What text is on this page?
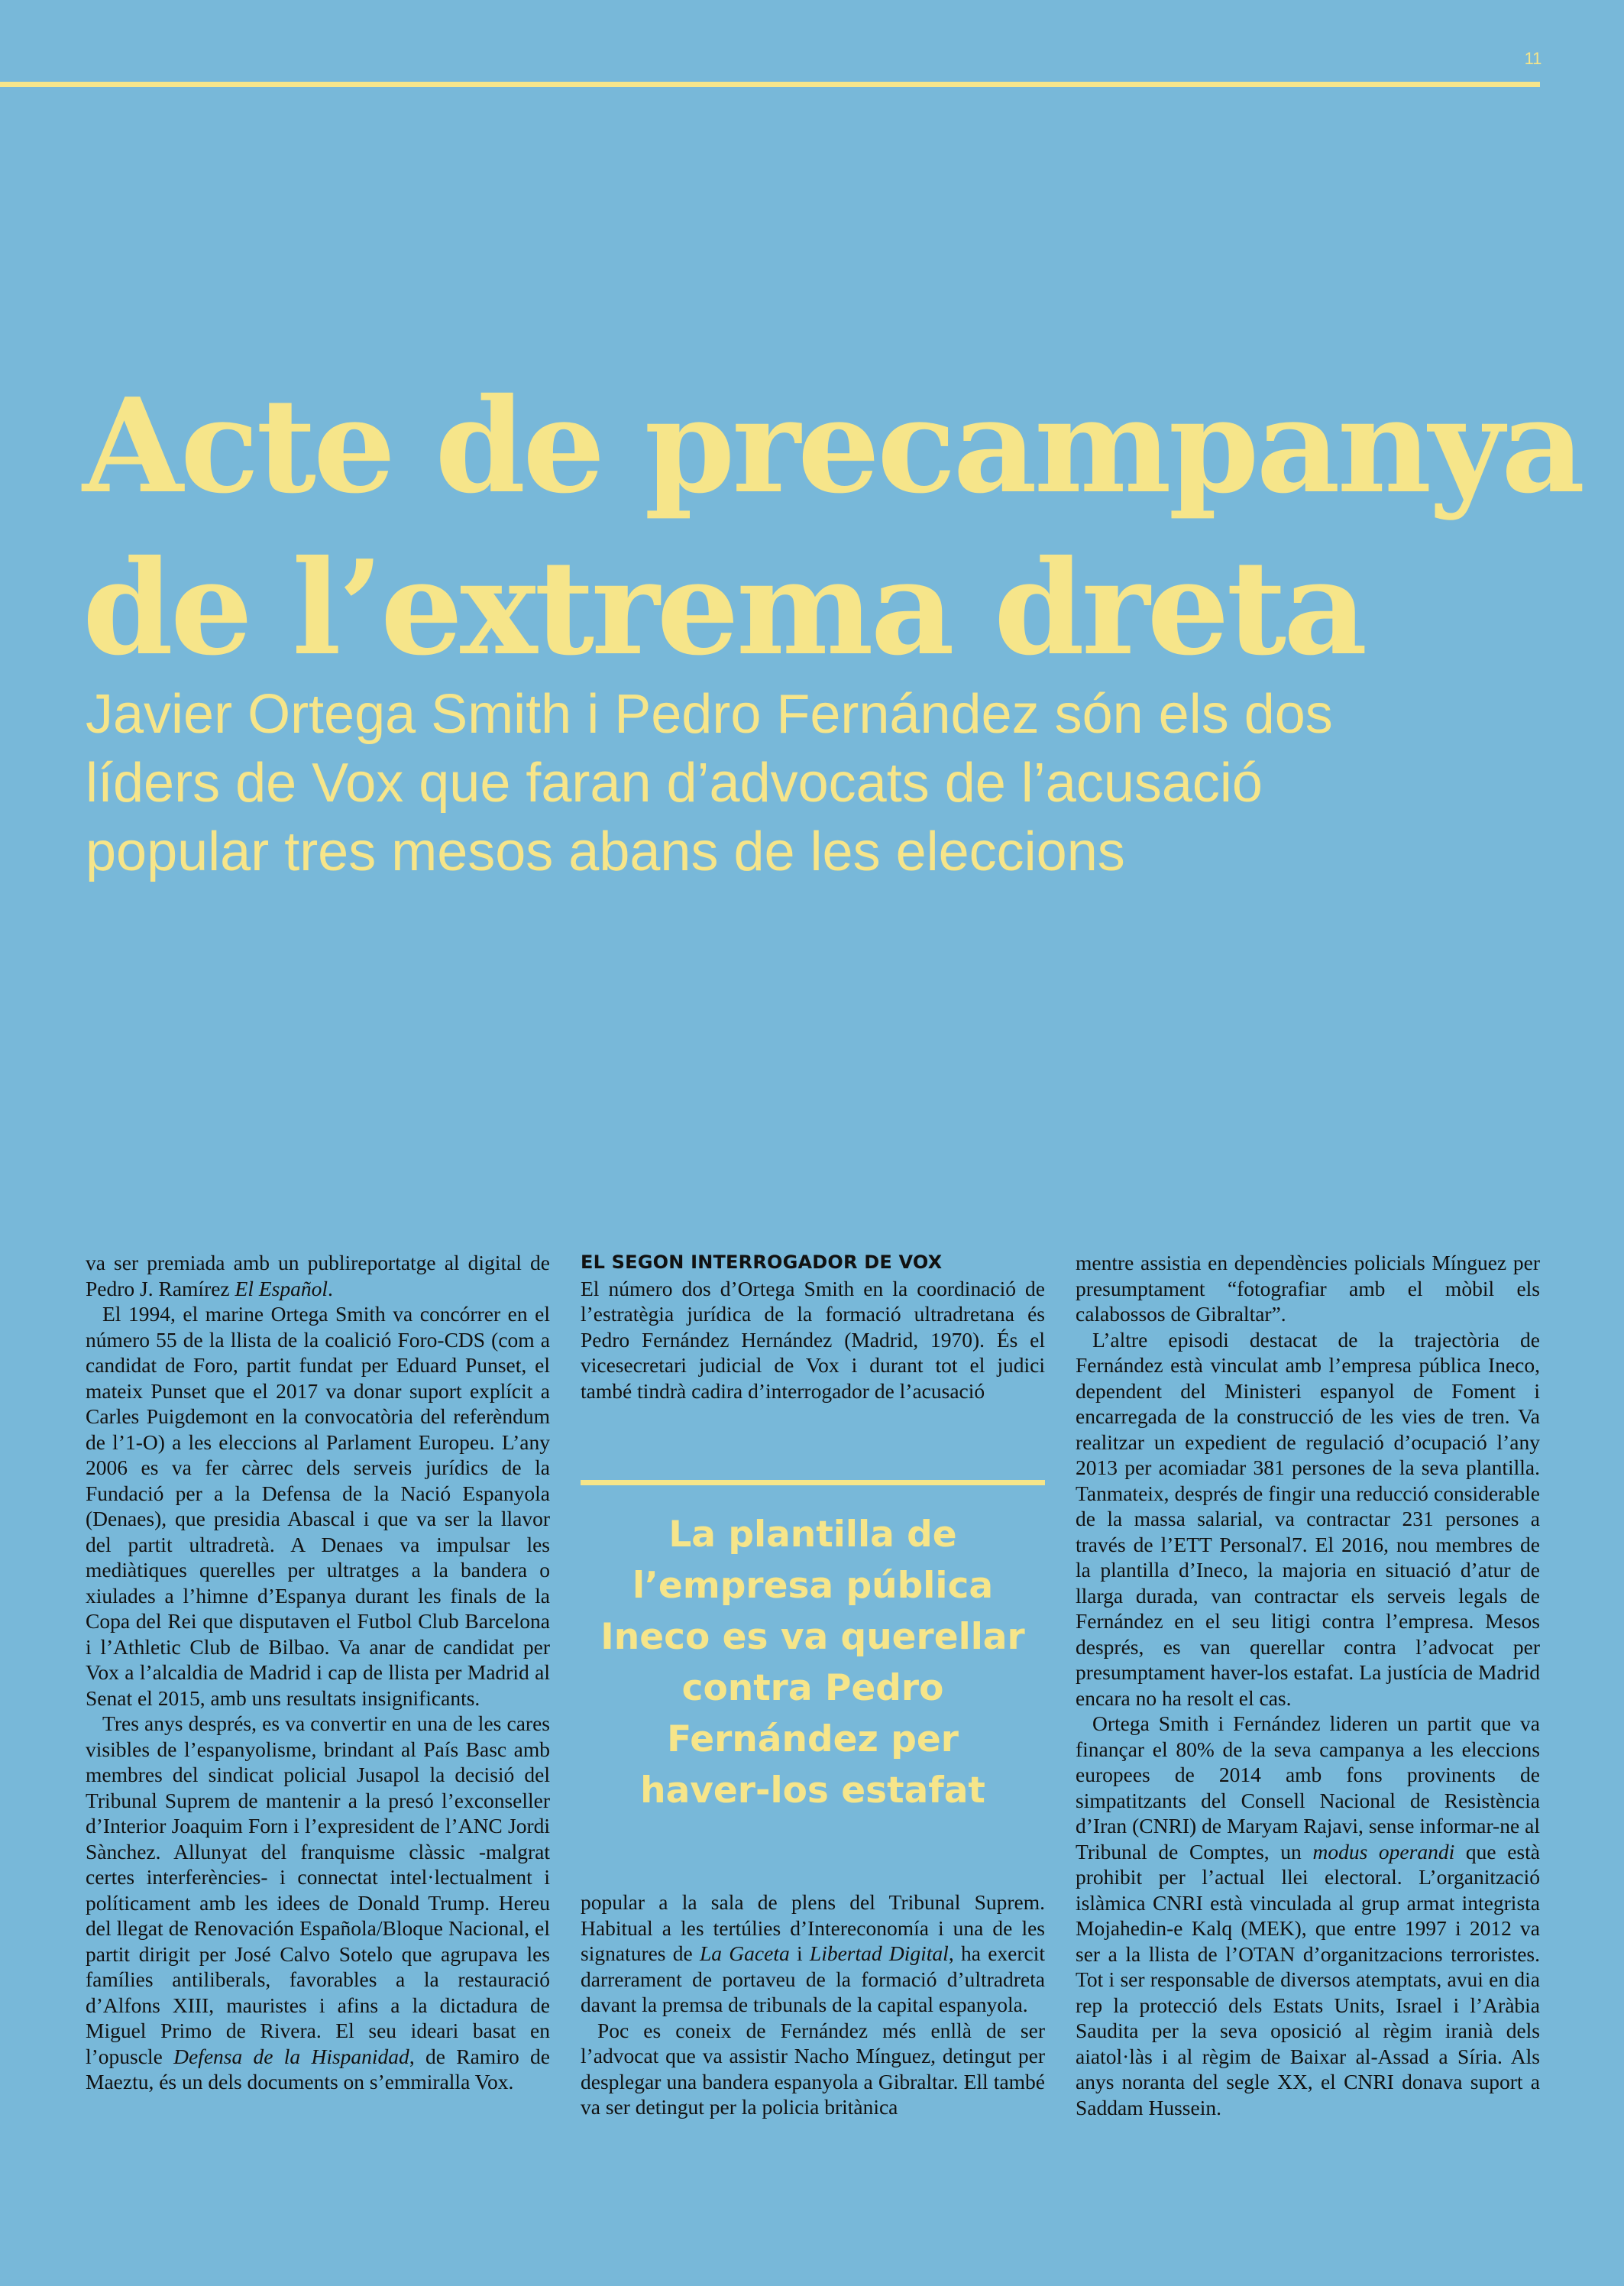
11
Acte de precampanya
de l’extrema dreta
Javier Ortega Smith i Pedro Fernández són els dos
líders de Vox que faran d’advocats de l’acusació
popular tres mesos abans de les eleccions

va ser premiada amb un publireportatge al digital de Pedro J. Ramírez El Español.

El 1994, el marine Ortega Smith va concórrer en el número 55 de la llista de la coalició Foro-CDS (com a candidat de Foro, partit fundat per Eduard Punset, el mateix Punset que el 2017 va donar suport explícit a Carles Puigdemont en la convocatòria del referèndum de l’1-O) a les eleccions al Parlament Europeu. L’any 2006 es va fer càrrec dels serveis jurídics de la Fundació per a la Defensa de la Nació Espanyola (Denaes), que presidia Abascal i que va ser la llavor del partit ultradretà. A Denaes va impulsar les mediàtiques querelles per ultratges a la bandera o xiulades a l’himne d’Espanya durant les finals de la Copa del Rei que disputaven el Futbol Club Barcelona i l’Athletic Club de Bilbao. Va anar de candidat per Vox a l’alcaldia de Madrid i cap de llista per Madrid al Senat el 2015, amb uns resultats insignificants.

Tres anys després, es va convertir en una de les cares visibles de l’espanyolisme, brindant al País Basc amb membres del sindicat policial Jusapol la decisió del Tribunal Suprem de mantenir a la presó l’exconseller d’Interior Joaquim Forn i l’expresident de l’ANC Jordi Sànchez. Allunyat del franquisme clàssic -malgrat certes interferències- i connectat intel·lectualment i políticament amb les idees de Donald Trump. Hereu del llegat de Renovación Española/Bloque Nacional, el partit dirigit per José Calvo Sotelo que agrupava les famílies antiliberals, favorables a la restauració d’Alfons XIII, mauristes i afins a la dictadura de Miguel Primo de Rivera. El seu ideari basat en l’opuscle Defensa de la Hispanidad, de Ramiro de Maeztu, és un dels documents on s’emmiralla Vox.

EL SEGON INTERROGADOR DE VOX

El número dos d’Ortega Smith en la coordinació de l’estratègia jurídica de la formació ultradretana és Pedro Fernández Hernández (Madrid, 1970). És el vicesecretari judicial de Vox i durant tot el judici també tindrà cadira d’interrogador de l’acusació

La plantilla de
l’empresa pública
Ineco es va querellar
contra Pedro
Fernández per
haver-los estafat

popular a la sala de plens del Tribunal Suprem. Habitual a les tertúlies d’Intereconomía i una de les signatures de La Gaceta i Libertad Digital, ha exercit darrerament de portaveu de la formació d’ultradreta davant la premsa de tribunals de la capital espanyola.

Poc es coneix de Fernández més enllà de ser l’advocat que va assistir Nacho Mínguez, detingut per desplegar una bandera espanyola a Gibraltar. Ell també va ser detingut per la policia britànica

mentre assistia en dependències policials Mínguez per presumptament “fotografiar amb el mòbil els calabossos de Gibraltar”.

L’altre episodi destacat de la trajectòria de Fernández està vinculat amb l’empresa pública Ineco, dependent del Ministeri espanyol de Foment i encarregada de la construcció de les vies de tren. Va realitzar un expedient de regulació d’ocupació l’any 2013 per acomiadar 381 persones de la seva plantilla. Tanmateix, després de fingir una reducció considerable de la massa salarial, va contractar 231 persones a través de l’ETT Personal7. El 2016, nou membres de la plantilla d’Ineco, la majoria en situació d’atur de llarga durada, van contractar els serveis legals de Fernández en el seu litigi contra l’empresa. Mesos després, es van querellar contra l’advocat per presumptament haver-los estafat. La justícia de Madrid encara no ha resolt el cas.

Ortega Smith i Fernández lideren un partit que va finançar el 80% de la seva campanya a les eleccions europees de 2014 amb fons provinents de simpatitzants del Consell Nacional de Resistència d’Iran (CNRI) de Maryam Rajavi, sense informar-ne al Tribunal de Comptes, un modus operandi que està prohibit per l’actual llei electoral. L’organització islàmica CNRI està vinculada al grup armat integrista Mojahedin-e Kalq (MEK), que entre 1997 i 2012 va ser a la llista de l’OTAN d’organitzacions terroristes. Tot i ser responsable de diversos atemptats, avui en dia rep la protecció dels Estats Units, Israel i l’Aràbia Saudita per la seva oposició al règim iranià dels aiatol·làs i al règim de Baixar al-Assad a Síria. Als anys noranta del segle XX, el CNRI donava suport a Saddam Hussein.
